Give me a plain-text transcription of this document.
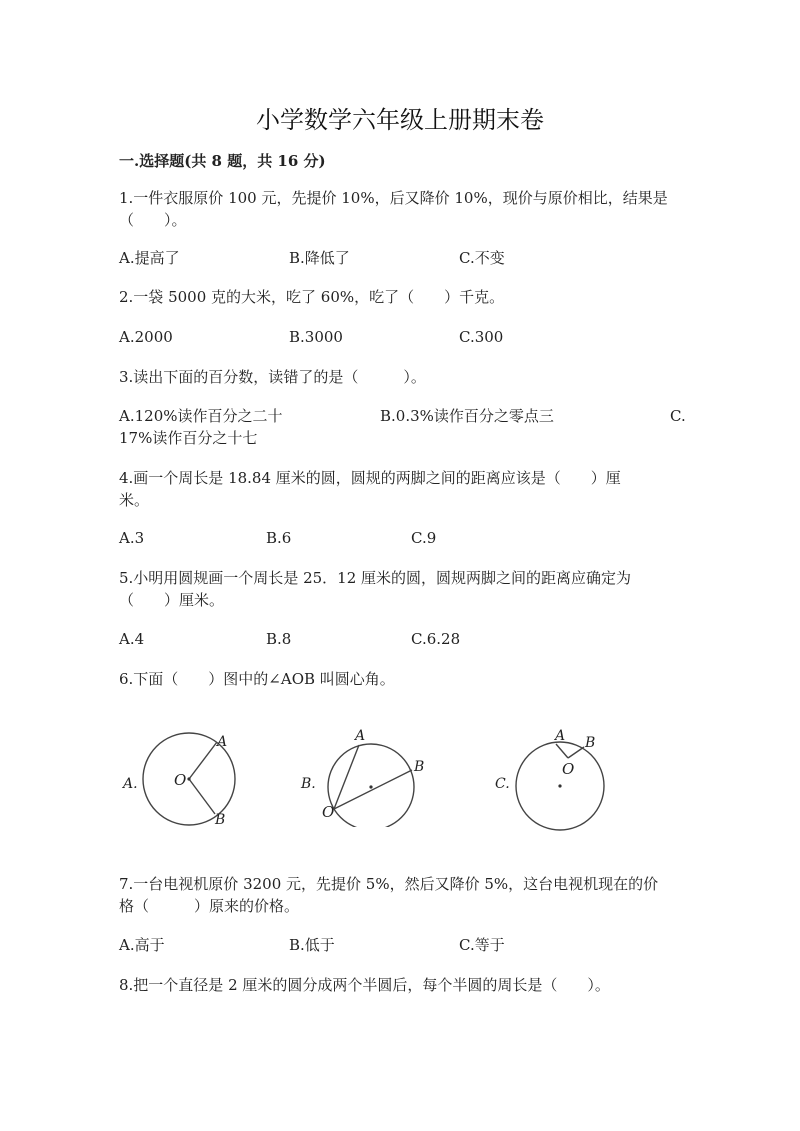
小学数学六年级上册期末卷
一.选择题(共 8 题，共 16 分)
1.一件衣服原价 100 元，先提价 10%，后又降价 10%，现价与原价相比，结果是
（　　）。
A.提高了	B.降低了	C.不变
2.一袋 5000 克的大米，吃了 60%，吃了（　　）千克。
A.2000	B.3000	C.300
3.读出下面的百分数，读错了的是（　　　）。
A.120%读作百分之二十	B.0.3%读作百分之零点三	C.
17%读作百分之十七
4.画一个周长是 18.84 厘米的圆，圆规的两脚之间的距离应该是（　　）厘
米。
A.3	B.6	C.9
5.小明用圆规画一个周长是 25．12 厘米的圆，圆规两脚之间的距离应确定为
（　　）厘米。
A.4	B.8	C.6.28
6.下面（　　）图中的∠AOB 叫圆心角。
A. O
A
B
B.
O
A
B
C.
O
A B
7.一台电视机原价 3200 元，先提价 5%，然后又降价 5%，这台电视机现在的价
格（　　　）原来的价格。
A.高于	B.低于	C.等于
8.把一个直径是 2 厘米的圆分成两个半圆后，每个半圆的周长是（　　）。
